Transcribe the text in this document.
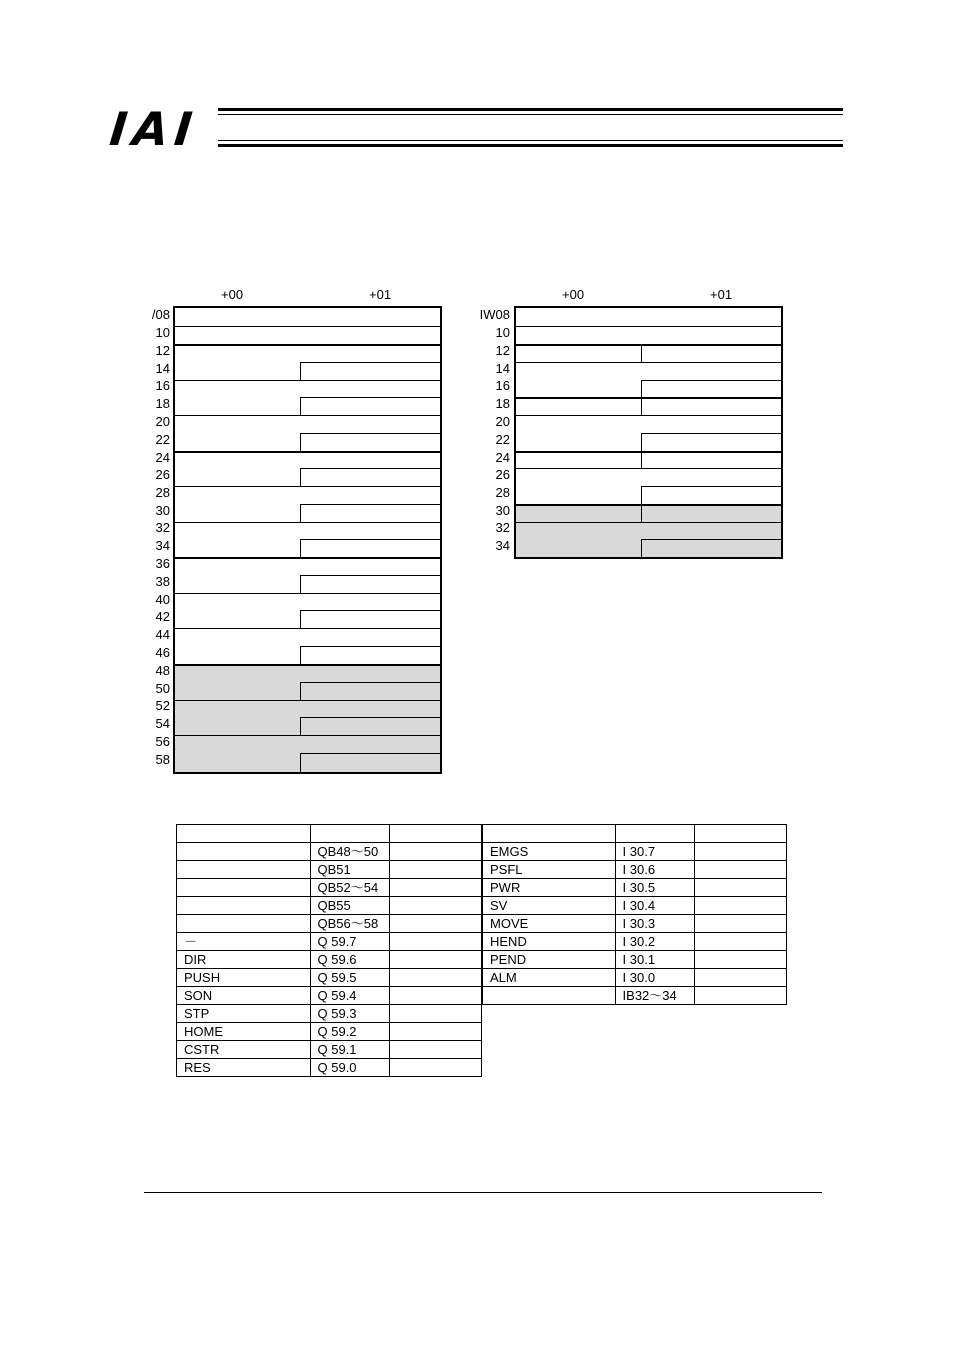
IAI
+00	+01
/08
10
12
14
16
18
20
22
24
26
28
30
32
34
36
38
40
42
44
46
48
50
52
54
56
58
+00	+01
IW08
10
12
14
16
18
20
22
24
26
28
30
32
34

	QB48～50	
	QB51	
	QB52～54	
	QB55	
	QB56～58	
－	Q 59.7	
DIR	Q 59.6	
PUSH	Q 59.5	
SON	Q 59.4	
STP	Q 59.3	
HOME	Q 59.2	
CSTR	Q 59.1	
RES	Q 59.0	

EMGS	I 30.7	
PSFL	I 30.6	
PWR	I 30.5	
SV	I 30.4	
MOVE	I 30.3	
HEND	I 30.2	
PEND	I 30.1	
ALM	I 30.0	
	IB32～34	
